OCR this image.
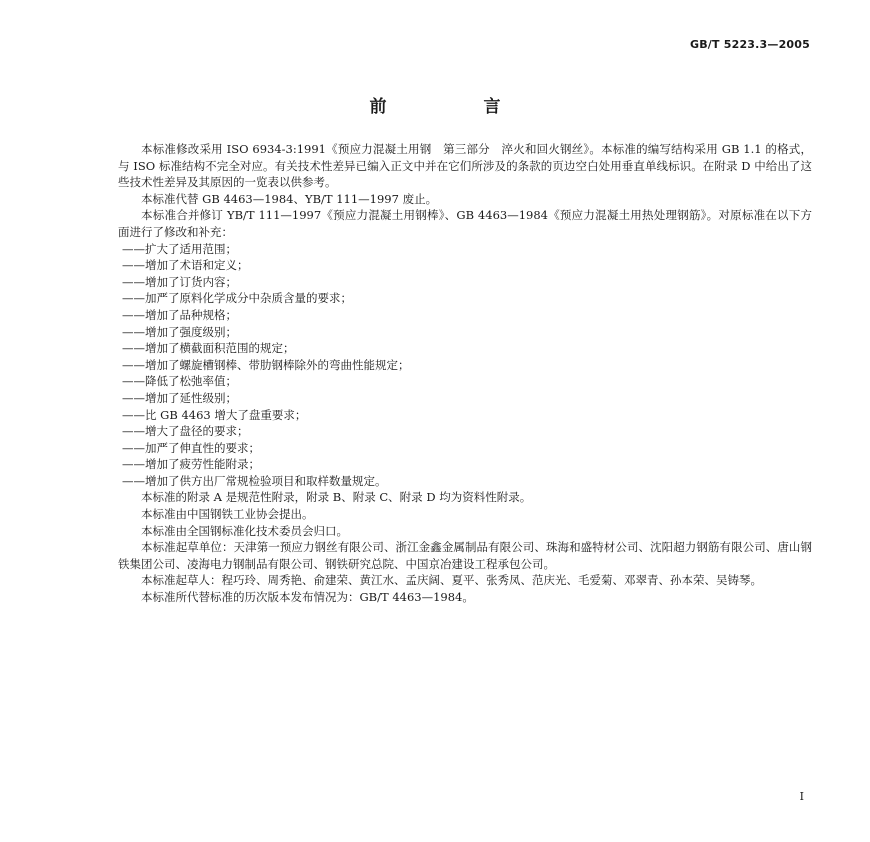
GB/T 5223.3—2005
前　言

本标准修改采用 ISO 6934-3:1991《预应力混凝土用钢　第三部分　淬火和回火钢丝》。本标准的编写结构采用 GB 1.1 的格式，与 ISO 标准结构不完全对应。有关技术性差异已编入正文中并在它们所涉及的条款的页边空白处用垂直单线标识。在附录 D 中给出了这些技术性差异及其原因的一览表以供参考。

本标准代替 GB 4463—1984、YB/T 111—1997 废止。

本标准合并修订 YB/T 111—1997《预应力混凝土用钢棒》、GB 4463—1984《预应力混凝土用热处理钢筋》。对原标准在以下方面进行了修改和补充：

——扩大了适用范围；

——增加了术语和定义；

——增加了订货内容；

——加严了原料化学成分中杂质含量的要求；

——增加了品种规格；

——增加了强度级别；

——增加了横截面积范围的规定；

——增加了螺旋槽钢棒、带肋钢棒除外的弯曲性能规定；

——降低了松弛率值；

——增加了延性级别；

——比 GB 4463 增大了盘重要求；

——增大了盘径的要求；

——加严了伸直性的要求；

——增加了疲劳性能附录；

——增加了供方出厂常规检验项目和取样数量规定。

本标准的附录 A 是规范性附录，附录 B、附录 C、附录 D 均为资料性附录。

本标准由中国钢铁工业协会提出。

本标准由全国钢标准化技术委员会归口。

本标准起草单位：天津第一预应力钢丝有限公司、浙江金鑫金属制品有限公司、珠海和盛特材公司、沈阳超力钢筋有限公司、唐山钢铁集团公司、凌海电力钢制品有限公司、钢铁研究总院、中国京冶建设工程承包公司。

本标准起草人：程巧玲、周秀艳、俞建荣、黄江水、孟庆阔、夏平、张秀凤、范庆光、毛爱菊、邓翠青、孙本荣、吴铸琴。

本标准所代替标准的历次版本发布情况为：GB/T 4463—1984。

I
